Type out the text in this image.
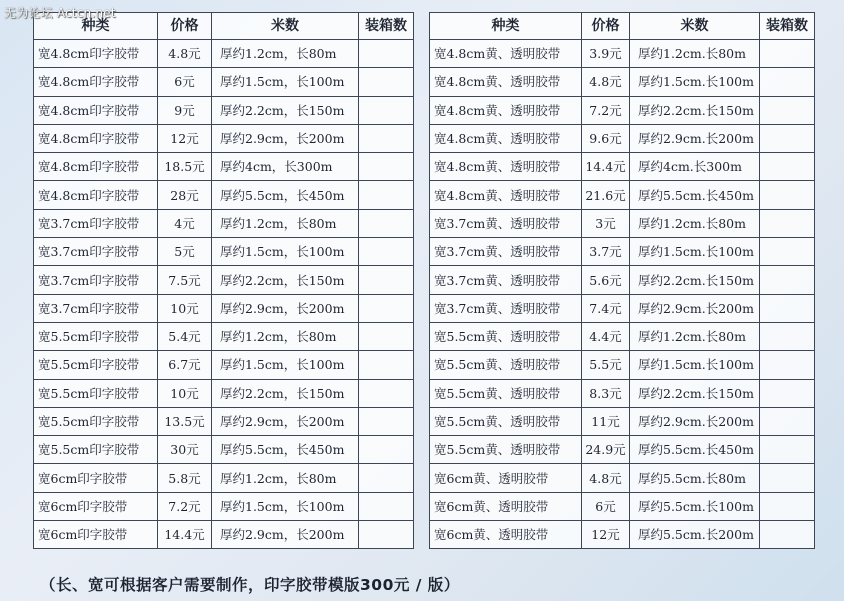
无为论坛 Actcn.net
种类	价格	米数	装箱数
宽4.8cm印字胶带	4.8元	厚约1.2cm，长80m	
宽4.8cm印字胶带	6元	厚约1.5cm，长100m	
宽4.8cm印字胶带	9元	厚约2.2cm，长150m	
宽4.8cm印字胶带	12元	厚约2.9cm，长200m	
宽4.8cm印字胶带	18.5元	厚约4cm，长300m	
宽4.8cm印字胶带	28元	厚约5.5cm，长450m	
宽3.7cm印字胶带	4元	厚约1.2cm，长80m	
宽3.7cm印字胶带	5元	厚约1.5cm，长100m	
宽3.7cm印字胶带	7.5元	厚约2.2cm，长150m	
宽3.7cm印字胶带	10元	厚约2.9cm，长200m	
宽5.5cm印字胶带	5.4元	厚约1.2cm，长80m	
宽5.5cm印字胶带	6.7元	厚约1.5cm，长100m	
宽5.5cm印字胶带	10元	厚约2.2cm，长150m	
宽5.5cm印字胶带	13.5元	厚约2.9cm，长200m	
宽5.5cm印字胶带	30元	厚约5.5cm，长450m	
宽6cm印字胶带	5.8元	厚约1.2cm，长80m	
宽6cm印字胶带	7.2元	厚约1.5cm，长100m	
宽6cm印字胶带	14.4元	厚约2.9cm，长200m	
种类	价格	米数	装箱数
宽4.8cm黄、透明胶带	3.9元	厚约1.2cm.长80m	
宽4.8cm黄、透明胶带	4.8元	厚约1.5cm.长100m	
宽4.8cm黄、透明胶带	7.2元	厚约2.2cm.长150m	
宽4.8cm黄、透明胶带	9.6元	厚约2.9cm.长200m	
宽4.8cm黄、透明胶带	14.4元	厚约4cm.长300m	
宽4.8cm黄、透明胶带	21.6元	厚约5.5cm.长450m	
宽3.7cm黄、透明胶带	3元	厚约1.2cm.长80m	
宽3.7cm黄、透明胶带	3.7元	厚约1.5cm.长100m	
宽3.7cm黄、透明胶带	5.6元	厚约2.2cm.长150m	
宽3.7cm黄、透明胶带	7.4元	厚约2.9cm.长200m	
宽5.5cm黄、透明胶带	4.4元	厚约1.2cm.长80m	
宽5.5cm黄、透明胶带	5.5元	厚约1.5cm.长100m	
宽5.5cm黄、透明胶带	8.3元	厚约2.2cm.长150m	
宽5.5cm黄、透明胶带	11元	厚约2.9cm.长200m	
宽5.5cm黄、透明胶带	24.9元	厚约5.5cm.长450m	
宽6cm黄、透明胶带	4.8元	厚约5.5cm.长80m	
宽6cm黄、透明胶带	6元	厚约5.5cm.长100m	
宽6cm黄、透明胶带	12元	厚约5.5cm.长200m	
（长、宽可根据客户需要制作，印字胶带模版300元 / 版）
